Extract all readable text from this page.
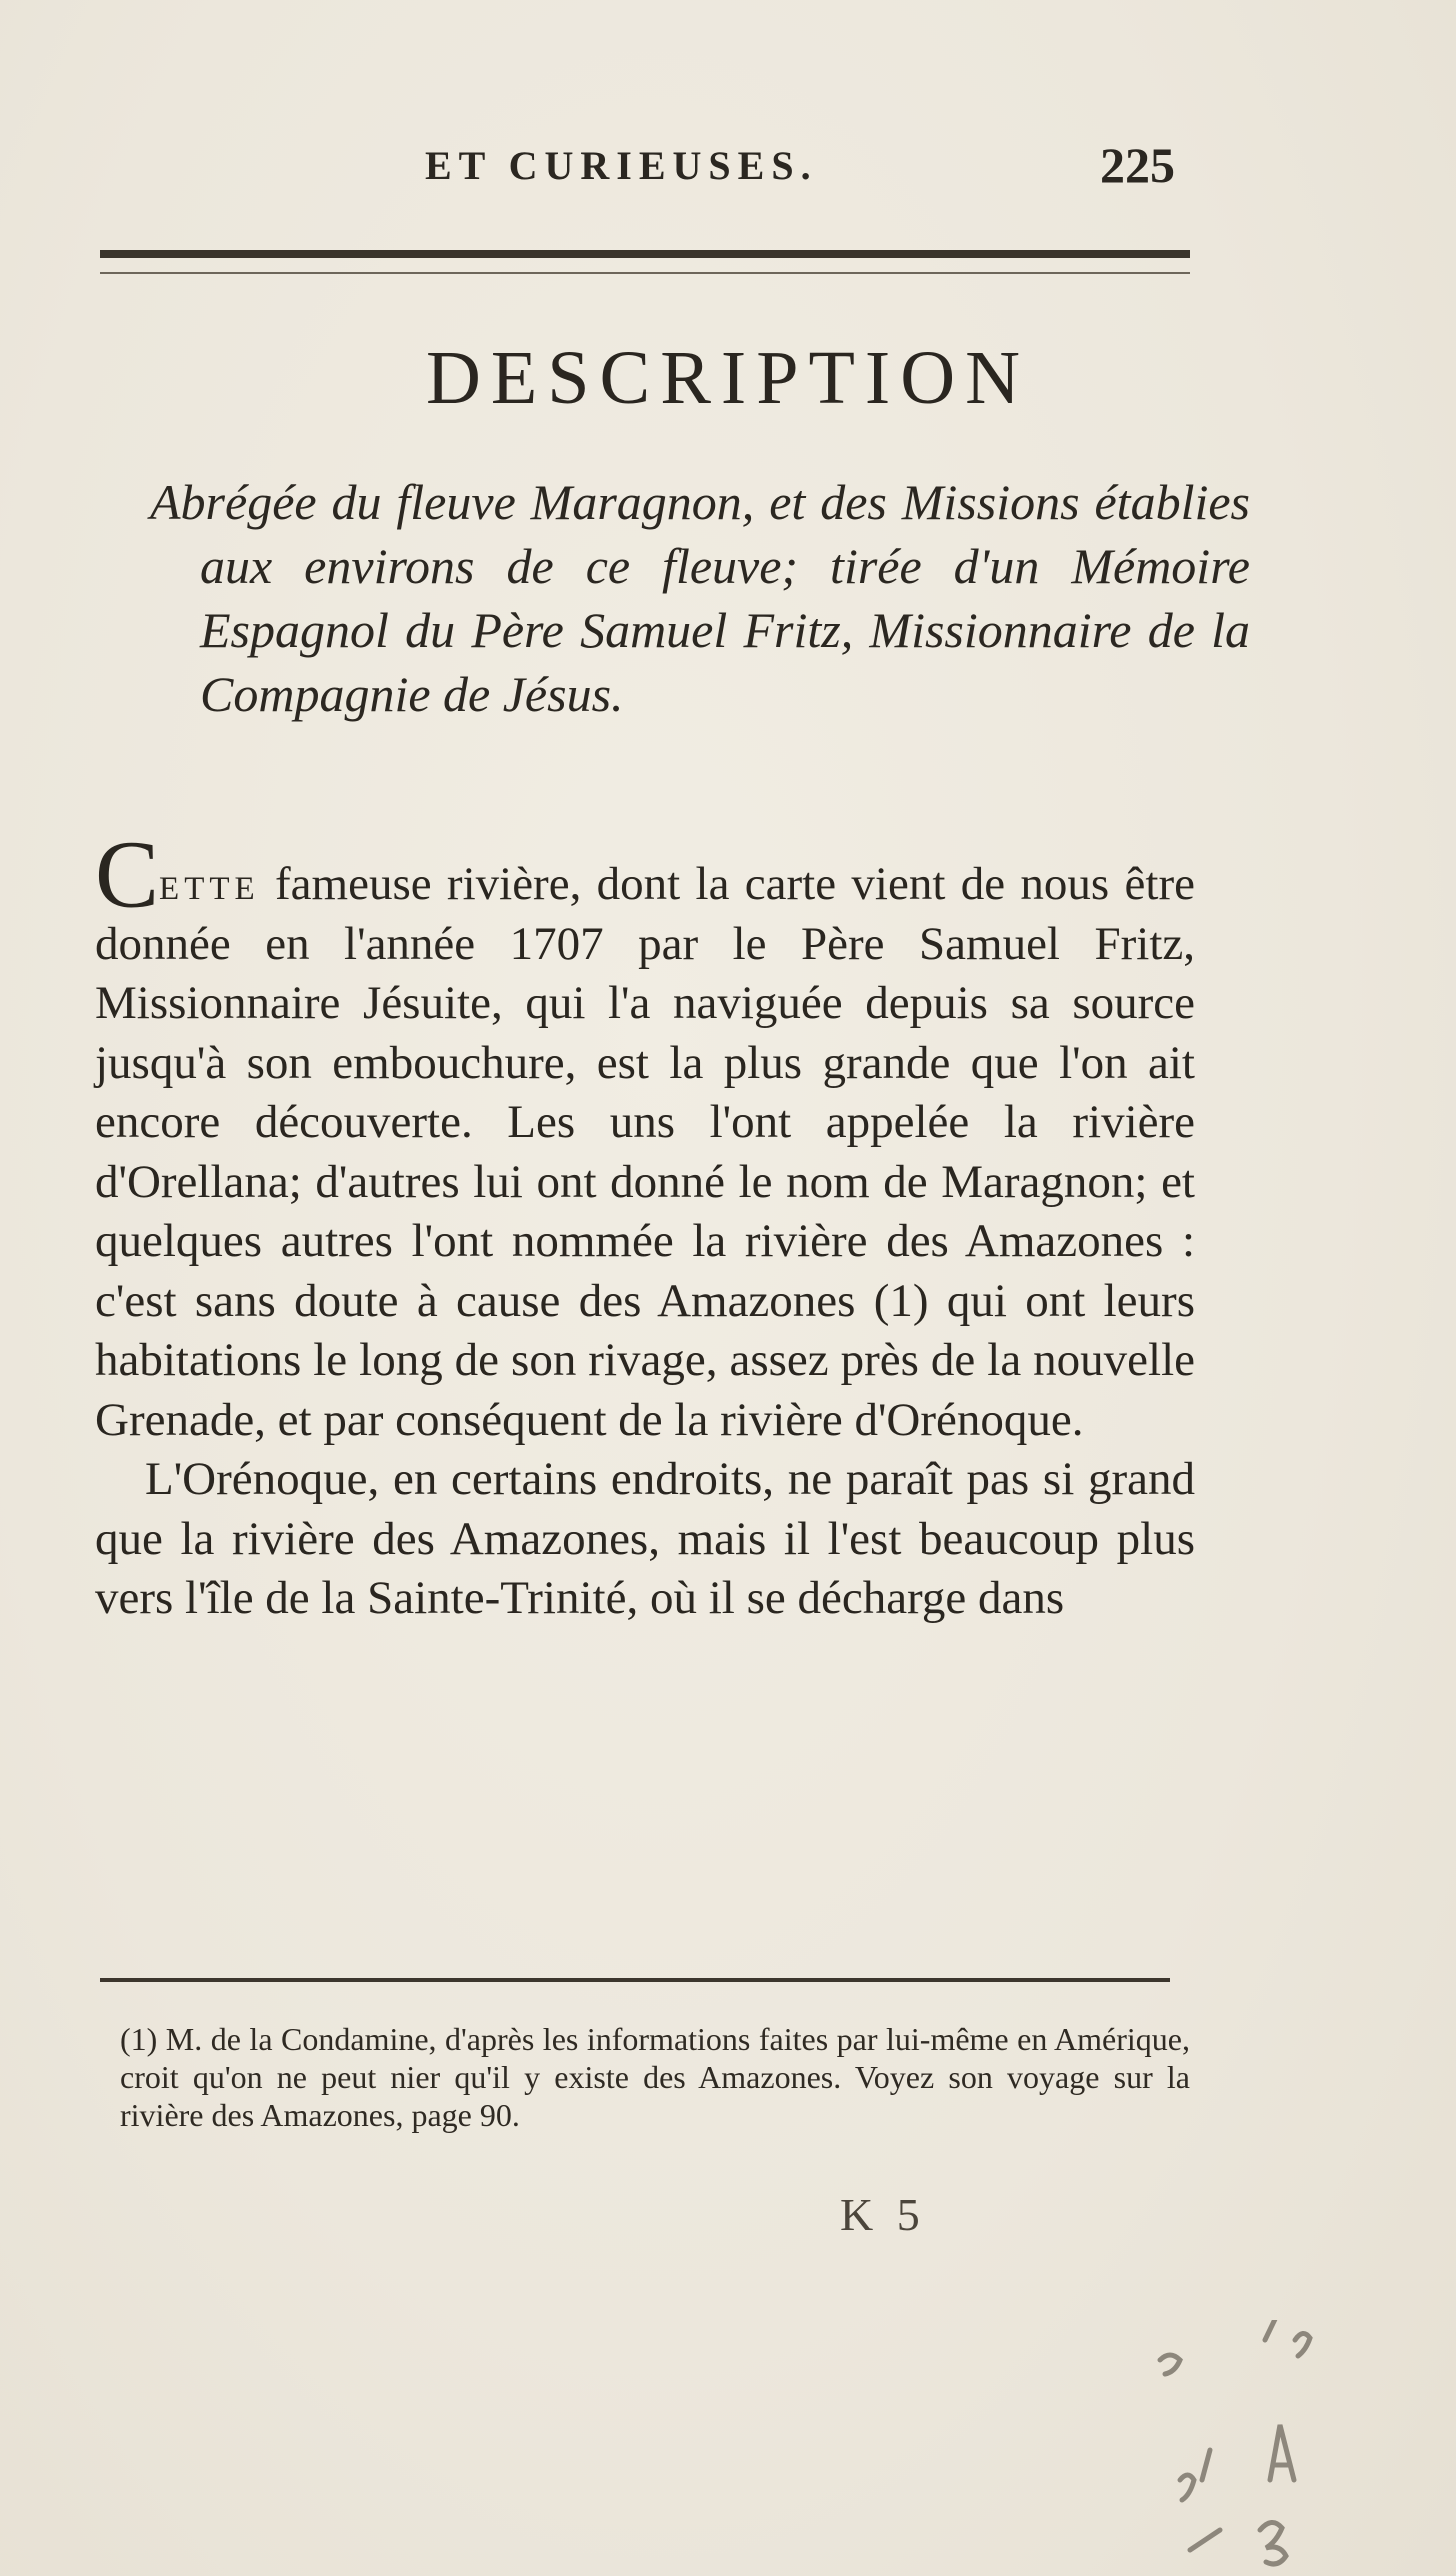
ET CURIEUSES.	225
DESCRIPTION
Abrégée du fleuve Maragnon, et des Missions établies aux environs de ce fleuve; tirée d'un Mémoire Espagnol du Père Samuel Fritz, Missionnaire de la Compagnie de Jésus.

Cette fameuse rivière, dont la carte vient de nous être donnée en l'année 1707 par le Père Samuel Fritz, Missionnaire Jésuite, qui l'a naviguée depuis sa source jusqu'à son embouchure, est la plus grande que l'on ait encore découverte. Les uns l'ont appelée la rivière d'Orellana; d'autres lui ont donné le nom de Maragnon; et quelques autres l'ont nommée la rivière des Amazones : c'est sans doute à cause des Amazones (1) qui ont leurs habitations le long de son rivage, assez près de la nouvelle Grenade, et par conséquent de la rivière d'Orénoque.

L'Orénoque, en certains endroits, ne paraît pas si grand que la rivière des Amazones, mais il l'est beaucoup plus vers l'île de la Sainte-Trinité, où il se décharge dans

(1) M. de la Condamine, d'après les informations faites par lui-même en Amérique, croit qu'on ne peut nier qu'il y existe des Amazones. Voyez son voyage sur la rivière des Amazones, page 90.
K 5
